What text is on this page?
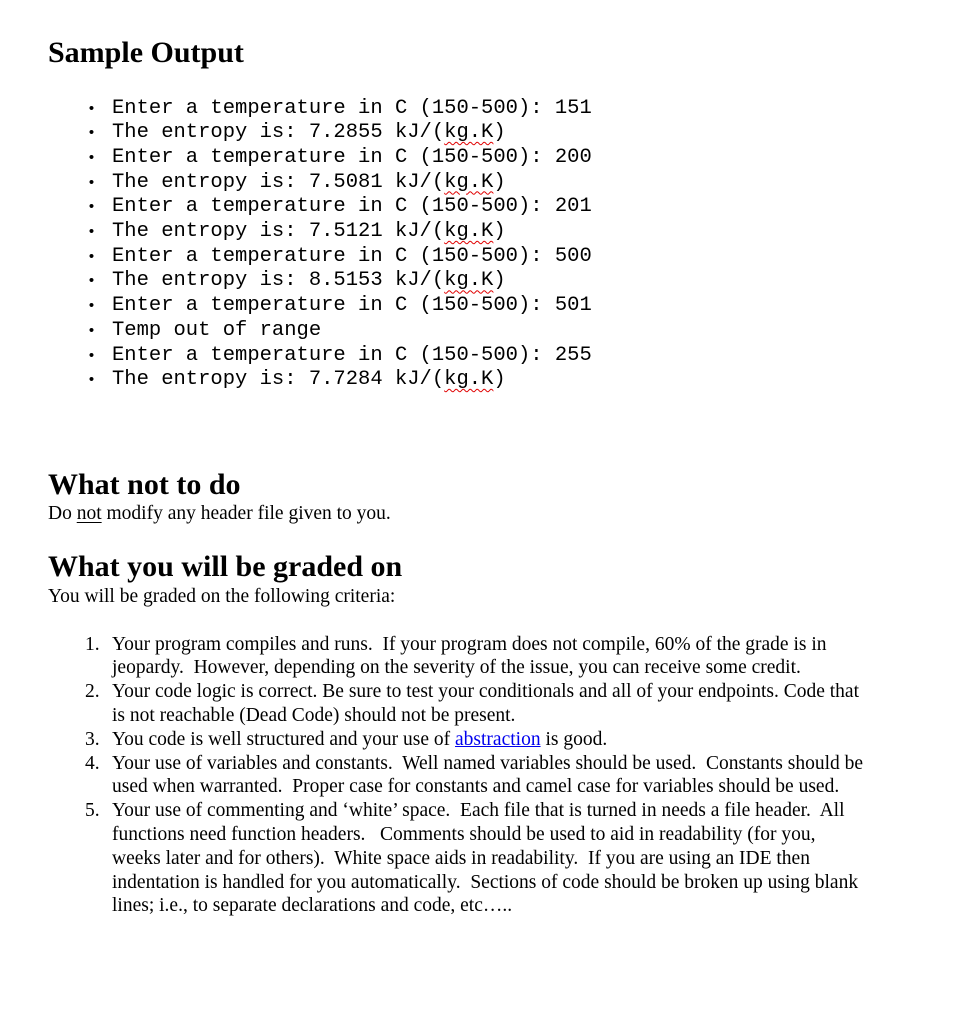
Sample Output
• Enter a temperature in C (150-500): 151
• The entropy is: 7.2855 kJ/(kg.K)
• Enter a temperature in C (150-500): 200
• The entropy is: 7.5081 kJ/(kg.K)
• Enter a temperature in C (150-500): 201
• The entropy is: 7.5121 kJ/(kg.K)
• Enter a temperature in C (150-500): 500
• The entropy is: 8.5153 kJ/(kg.K)
• Enter a temperature in C (150-500): 501
• Temp out of range
• Enter a temperature in C (150-500): 255
• The entropy is: 7.7284 kJ/(kg.K)
What not to do

Do not modify any header file given to you.

What you will be graded on

You will be graded on the following criteria:

1. Your program compiles and runs.  If your program does not compile, 60% of the grade is in jeopardy.  However, depending on the severity of the issue, you can receive some credit.
2. Your code logic is correct. Be sure to test your conditionals and all of your endpoints. Code that is not reachable (Dead Code) should not be present.
3. You code is well structured and your use of abstraction is good.
4. Your use of variables and constants.  Well named variables should be used.  Constants should be used when warranted.  Proper case for constants and camel case for variables should be used.
5. Your use of commenting and ‘white’ space.  Each file that is turned in needs a file header.  All functions need function headers.   Comments should be used to aid in readability (for you, weeks later and for others).  White space aids in readability.  If you are using an IDE then indentation is handled for you automatically.  Sections of code should be broken up using blank lines; i.e., to separate declarations and code, etc…..
